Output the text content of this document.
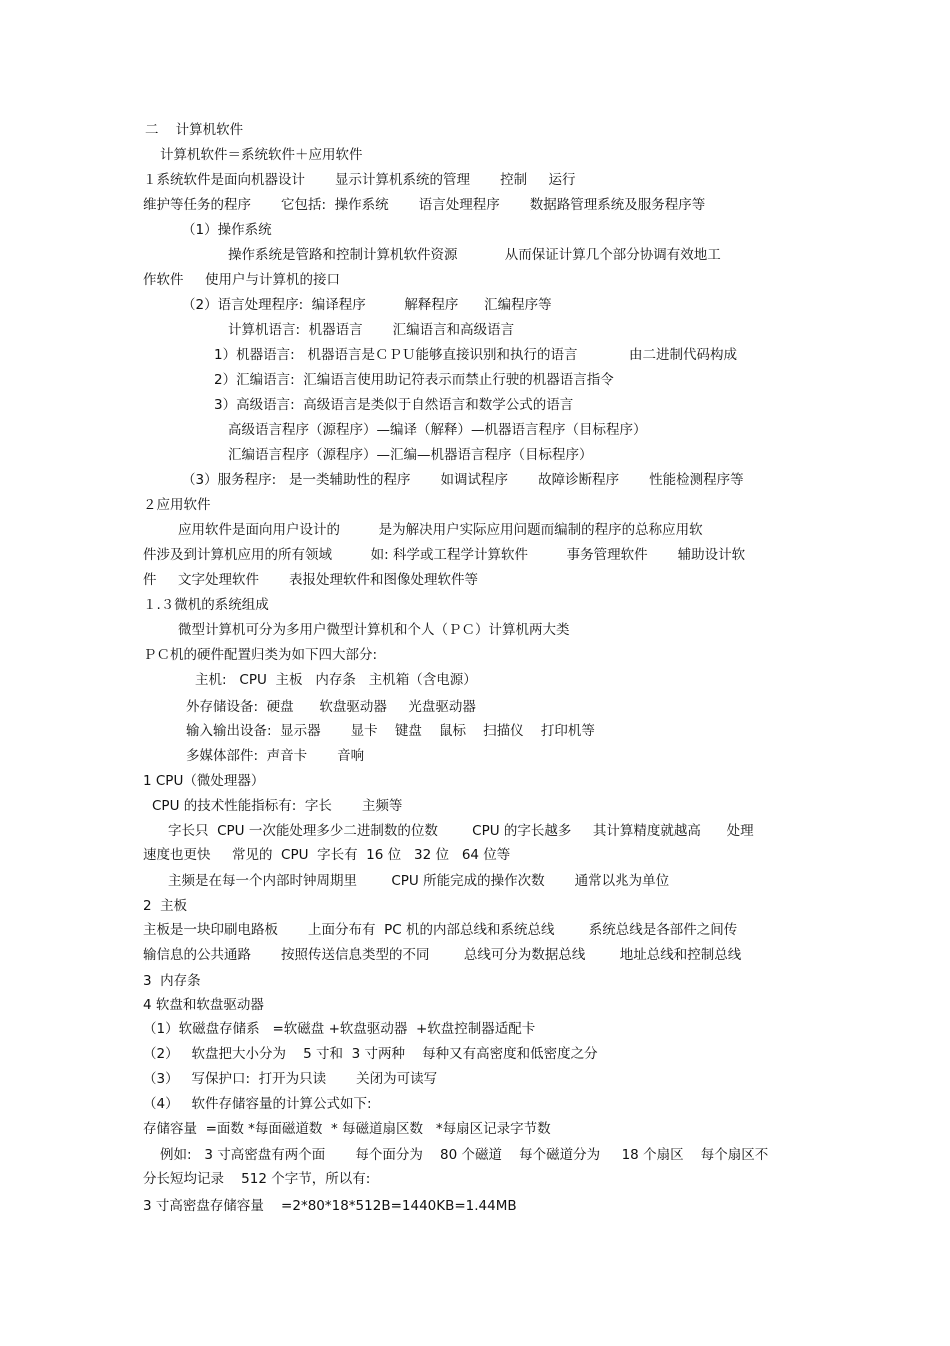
二    计算机软件
计算机软件＝系统软件＋应用软件
１系统软件是面向机器设计       显示计算机系统的管理       控制     运行
维护等任务的程序       它包括:  操作系统       语言处理程序       数据路管理系统及服务程序等
（1）操作系统
操作系统是管路和控制计算机软件资源           从而保证计算几个部分协调有效地工
作软件     使用户与计算机的接口
（2）语言处理程序:  编译程序         解释程序      汇编程序等
计算机语言:  机器语言       汇编语言和高级语言
1）机器语言:   机器语言是ＣＰＵ能够直接识别和执行的语言            由二进制代码构成
2）汇编语言:  汇编语言使用助记符表示而禁止行驶的机器语言指令
3）高级语言:  高级语言是类似于自然语言和数学公式的语言
高级语言程序（源程序）—编译（解释）—机器语言程序（目标程序）
汇编语言程序（源程序）—汇编—机器语言程序（目标程序）
（3）服务程序:   是一类辅助性的程序       如调试程序       故障诊断程序       性能检测程序等
２应用软件
应用软件是面向用户设计的         是为解决用户实际应用问题而编制的程序的总称应用软
件涉及到计算机应用的所有领域         如: 科学或工程学计算软件         事务管理软件       辅助设计软
件     文字处理软件       表报处理软件和图像处理软件等
１.３微机的系统组成
微型计算机可分为多用户微型计算机和个人（ＰＣ）计算机两大类
ＰＣ机的硬件配置归类为如下四大部分:
主机:   CPU  主板   内存条   主机箱（含电源）
外存储设备:  硬盘      软盘驱动器     光盘驱动器
输入输出设备:  显示器       显卡    键盘    鼠标    扫描仪    打印机等
多媒体部件:  声音卡       音响
1 CPU（微处理器）
CPU 的技术性能指标有:  字长       主频等
字长只  CPU 一次能处理多少二进制数的位数        CPU 的字长越多     其计算精度就越高      处理
速度也更快     常见的  CPU  字长有  16 位   32 位   64 位等
主频是在每一个内部时钟周期里        CPU 所能完成的操作次数       通常以兆为单位
2  主板
主板是一块印刷电路板       上面分布有  PC 机的内部总线和系统总线        系统总线是各部件之间传
输信息的公共通路       按照传送信息类型的不同        总线可分为数据总线        地址总线和控制总线
3  内存条
4 软盘和软盘驱动器
（1）软磁盘存储系   =软磁盘 +软盘驱动器  +软盘控制器适配卡
（2）   软盘把大小分为    5 寸和  3 寸两种    每种又有高密度和低密度之分
（3）   写保护口:  打开为只读       关闭为可读写
（4）   软件存储容量的计算公式如下:
存储容量  =面数 *每面磁道数  * 每磁道扇区数   *每扇区记录字节数
例如:   3 寸高密盘有两个面       每个面分为    80 个磁道    每个磁道分为     18 个扇区    每个扇区不
分长短均记录    512 个字节，所以有:
3 寸高密盘存储容量    =2*80*18*512B=1440KB=1.44MB
